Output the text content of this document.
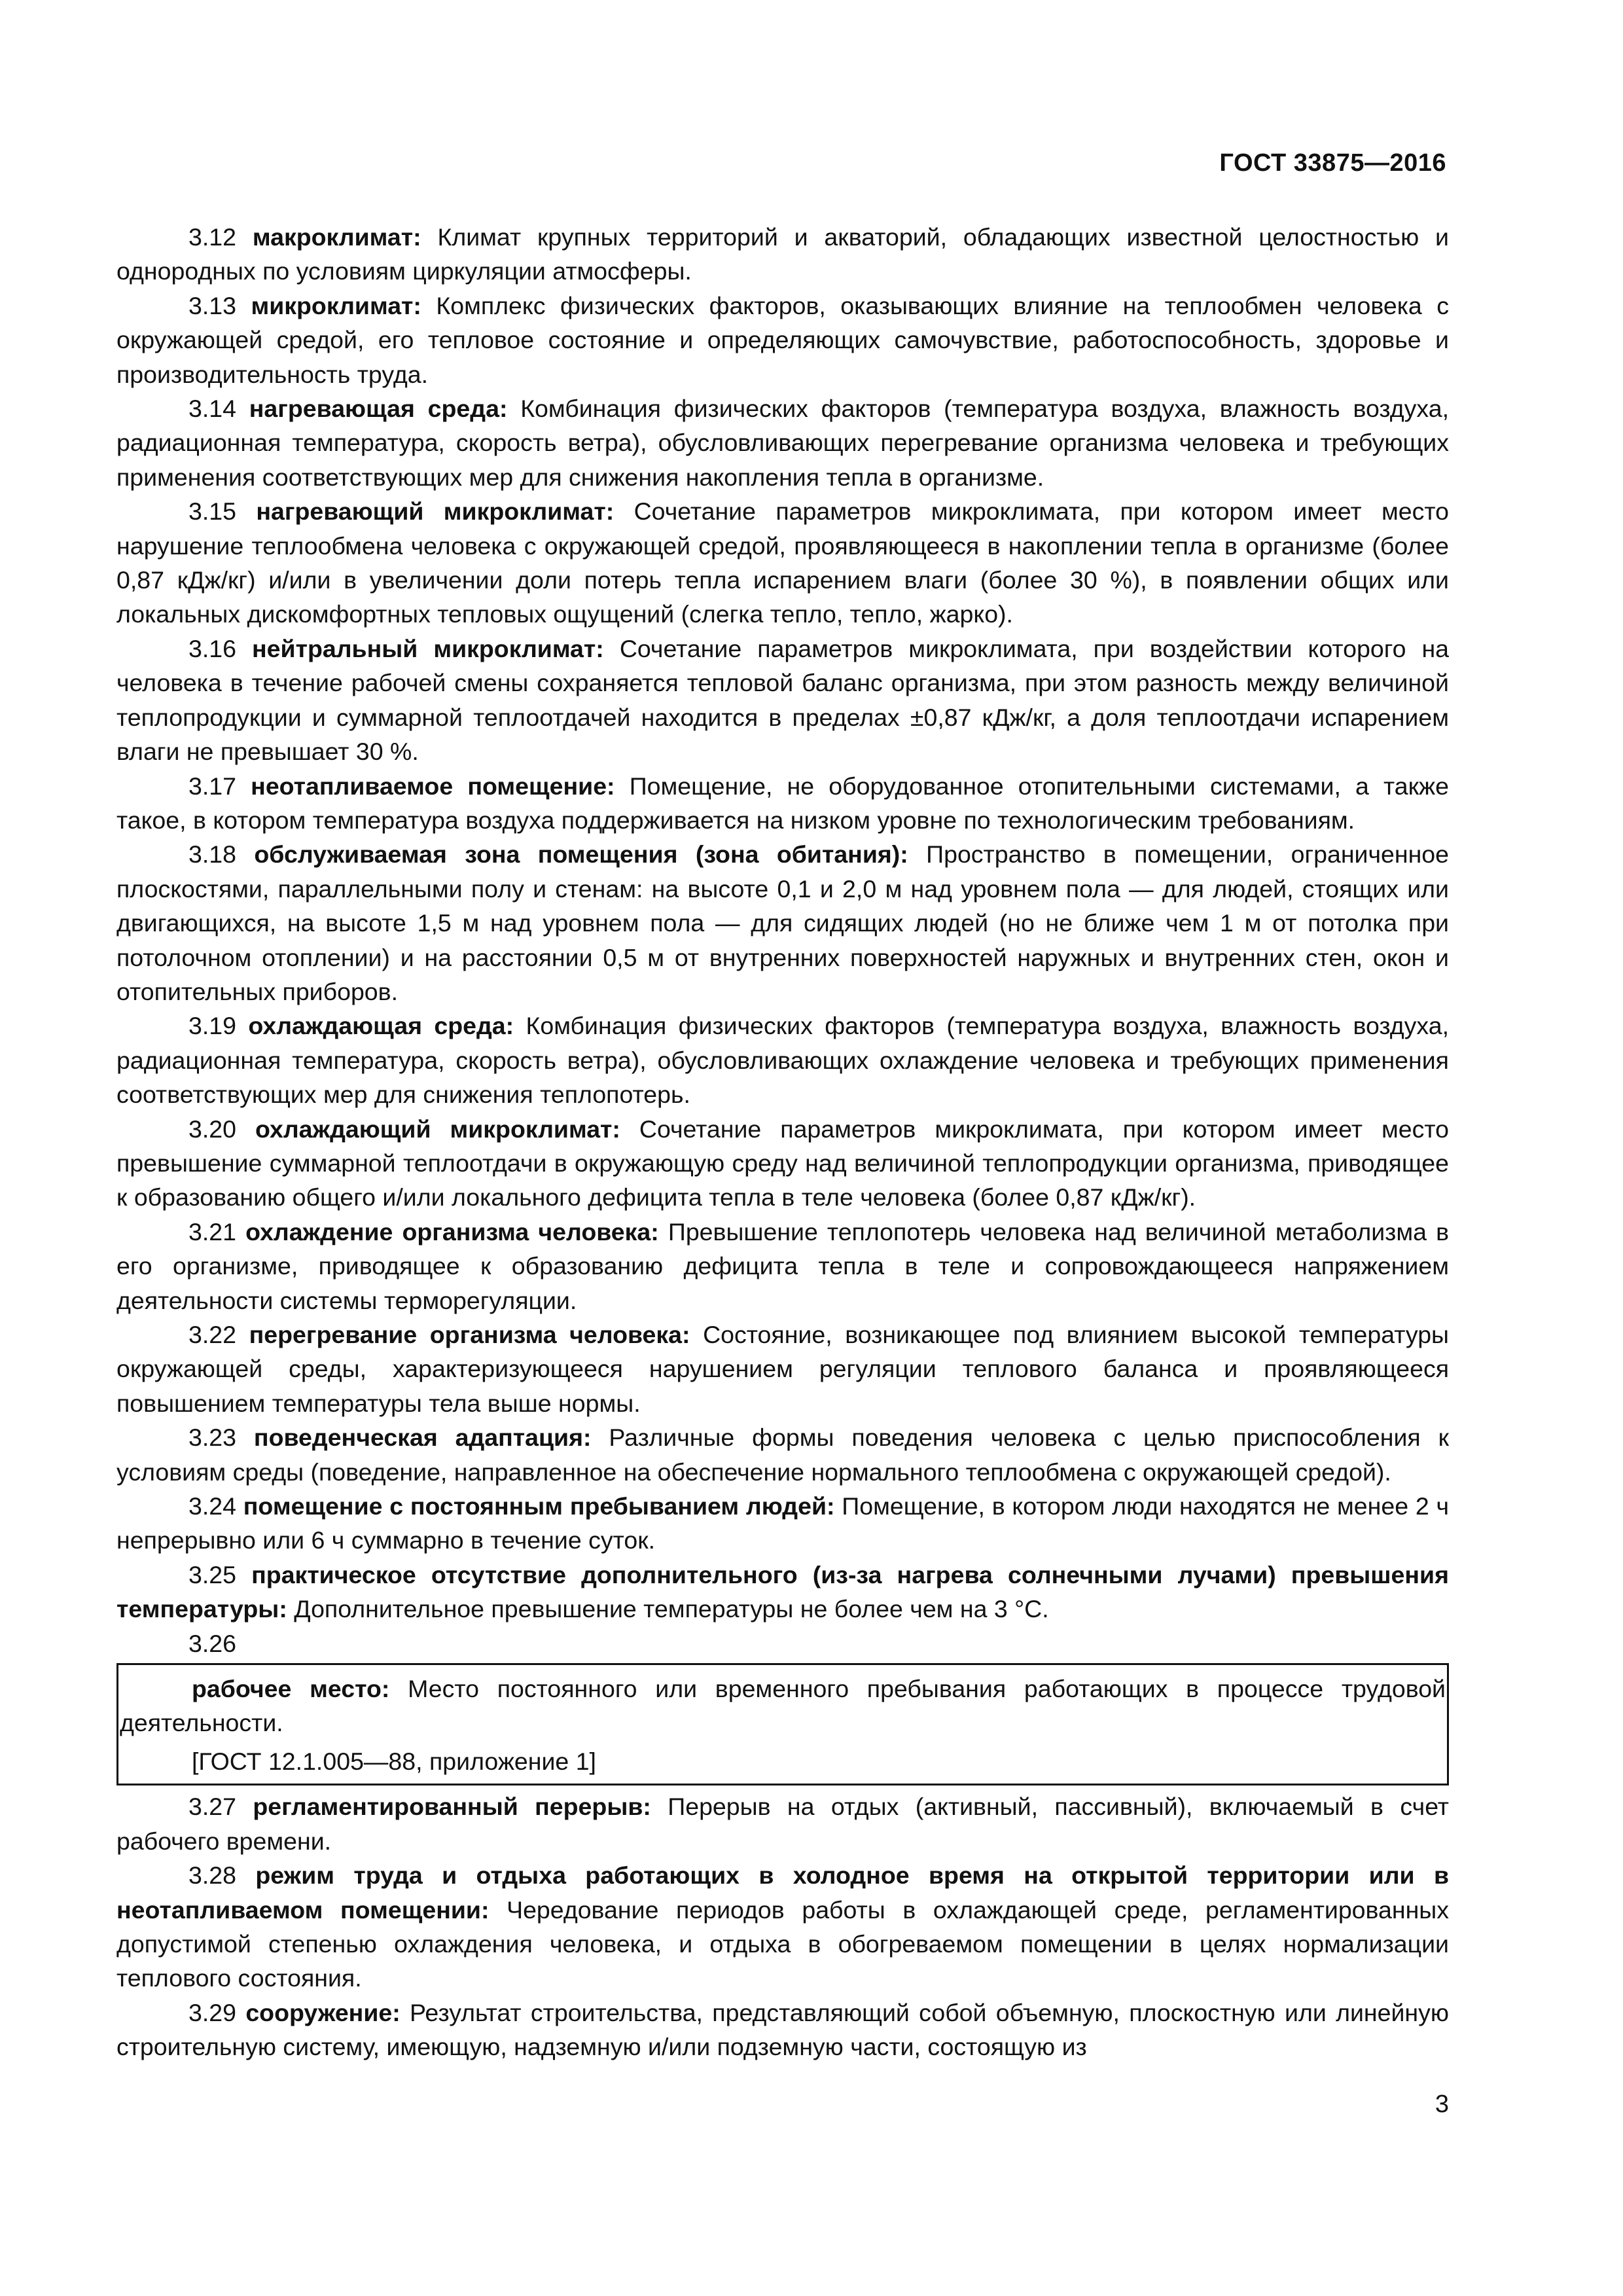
ГОСТ 33875—2016

3.12 макроклимат: Климат крупных территорий и акваторий, обладающих известной целостностью и однородных по условиям циркуляции атмосферы.

3.13 микроклимат: Комплекс физических факторов, оказывающих влияние на теплообмен человека с окружающей средой, его тепловое состояние и определяющих самочувствие, работоспособность, здоровье и производительность труда.

3.14 нагревающая среда: Комбинация физических факторов (температура воздуха, влажность воздуха, радиационная температура, скорость ветра), обусловливающих перегревание организма человека и требующих применения соответствующих мер для снижения накопления тепла в организме.

3.15 нагревающий микроклимат: Сочетание параметров микроклимата, при котором имеет место нарушение теплообмена человека с окружающей средой, проявляющееся в накоплении тепла в организме (более 0,87 кДж/кг) и/или в увеличении доли потерь тепла испарением влаги (более 30 %), в появлении общих или локальных дискомфортных тепловых ощущений (слегка тепло, тепло, жарко).

3.16 нейтральный микроклимат: Сочетание параметров микроклимата, при воздействии которого на человека в течение рабочей смены сохраняется тепловой баланс организма, при этом разность между величиной теплопродукции и суммарной теплоотдачей находится в пределах ±0,87 кДж/кг, а доля теплоотдачи испарением влаги не превышает 30 %.

3.17 неотапливаемое помещение: Помещение, не оборудованное отопительными системами, а также такое, в котором температура воздуха поддерживается на низком уровне по технологическим требованиям.

3.18 обслуживаемая зона помещения (зона обитания): Пространство в помещении, ограниченное плоскостями, параллельными полу и стенам: на высоте 0,1 и 2,0 м над уровнем пола — для людей, стоящих или двигающихся, на высоте 1,5 м над уровнем пола — для сидящих людей (но не ближе чем 1 м от потолка при потолочном отоплении) и на расстоянии 0,5 м от внутренних поверхностей наружных и внутренних стен, окон и отопительных приборов.

3.19 охлаждающая среда: Комбинация физических факторов (температура воздуха, влажность воздуха, радиационная температура, скорость ветра), обусловливающих охлаждение человека и требующих применения соответствующих мер для снижения теплопотерь.

3.20 охлаждающий микроклимат: Сочетание параметров микроклимата, при котором имеет место превышение суммарной теплоотдачи в окружающую среду над величиной теплопродукции организма, приводящее к образованию общего и/или локального дефицита тепла в теле человека (более 0,87 кДж/кг).

3.21 охлаждение организма человека: Превышение теплопотерь человека над величиной метаболизма в его организме, приводящее к образованию дефицита тепла в теле и сопровождающееся напряжением деятельности системы терморегуляции.

3.22 перегревание организма человека: Состояние, возникающее под влиянием высокой температуры окружающей среды, характеризующееся нарушением регуляции теплового баланса и проявляющееся повышением температуры тела выше нормы.

3.23 поведенческая адаптация: Различные формы поведения человека с целью приспособления к условиям среды (поведение, направленное на обеспечение нормального теплообмена с окружающей средой).

3.24 помещение с постоянным пребыванием людей: Помещение, в котором люди находятся не менее 2 ч непрерывно или 6 ч суммарно в течение суток.

3.25 практическое отсутствие дополнительного (из-за нагрева солнечными лучами) превышения температуры: Дополнительное превышение температуры не более чем на 3 °C.

3.26

рабочее место: Место постоянного или временного пребывания работающих в процессе трудовой деятельности.

[ГОСТ 12.1.005—88, приложение 1]

3.27 регламентированный перерыв: Перерыв на отдых (активный, пассивный), включаемый в счет рабочего времени.

3.28 режим труда и отдыха работающих в холодное время на открытой территории или в неотапливаемом помещении: Чередование периодов работы в охлаждающей среде, регламентированных допустимой степенью охлаждения человека, и отдыха в обогреваемом помещении в целях нормализации теплового состояния.

3.29 сооружение: Результат строительства, представляющий собой объемную, плоскостную или линейную строительную систему, имеющую, надземную и/или подземную части, состоящую из

3
